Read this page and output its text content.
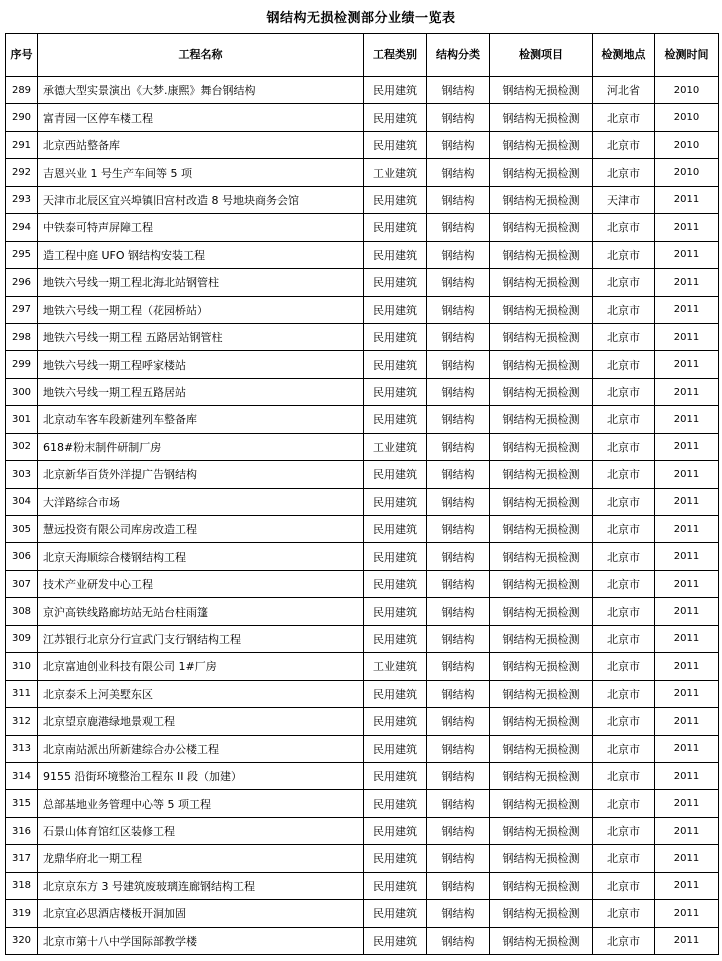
钢结构无损检测部分业绩一览表
序号	工程名称	工程类别	结构分类	检测项目	检测地点	检测时间
289	承德大型实景演出《大梦.康熙》舞台钢结构	民用建筑	钢结构	钢结构无损检测	河北省	2010
290	富青园一区停车楼工程	民用建筑	钢结构	钢结构无损检测	北京市	2010
291	北京西站整备库	民用建筑	钢结构	钢结构无损检测	北京市	2010
292	吉恩兴业 1 号生产车间等 5 项	工业建筑	钢结构	钢结构无损检测	北京市	2010
293	天津市北辰区宜兴埠镇旧宫村改造 8 号地块商务会馆	民用建筑	钢结构	钢结构无损检测	天津市	2011
294	中铁泰可特声屏障工程	民用建筑	钢结构	钢结构无损检测	北京市	2011
295	造工程中庭 UFO 钢结构安装工程	民用建筑	钢结构	钢结构无损检测	北京市	2011
296	地铁六号线一期工程北海北站钢管柱	民用建筑	钢结构	钢结构无损检测	北京市	2011
297	地铁六号线一期工程（花园桥站）	民用建筑	钢结构	钢结构无损检测	北京市	2011
298	地铁六号线一期工程 五路居站钢管柱	民用建筑	钢结构	钢结构无损检测	北京市	2011
299	地铁六号线一期工程呼家楼站	民用建筑	钢结构	钢结构无损检测	北京市	2011
300	地铁六号线一期工程五路居站	民用建筑	钢结构	钢结构无损检测	北京市	2011
301	北京动车客车段新建列车整备库	民用建筑	钢结构	钢结构无损检测	北京市	2011
302	618#粉末制件研制厂房	工业建筑	钢结构	钢结构无损检测	北京市	2011
303	北京新华百货外洋提广告钢结构	民用建筑	钢结构	钢结构无损检测	北京市	2011
304	大洋路综合市场	民用建筑	钢结构	钢结构无损检测	北京市	2011
305	慧远投资有限公司库房改造工程	民用建筑	钢结构	钢结构无损检测	北京市	2011
306	北京天海顺综合楼钢结构工程	民用建筑	钢结构	钢结构无损检测	北京市	2011
307	技术产业研发中心工程	民用建筑	钢结构	钢结构无损检测	北京市	2011
308	京沪高铁线路廊坊站无站台柱雨篷	民用建筑	钢结构	钢结构无损检测	北京市	2011
309	江苏银行北京分行宣武门支行钢结构工程	民用建筑	钢结构	钢结构无损检测	北京市	2011
310	北京富迪创业科技有限公司 1#厂房	工业建筑	钢结构	钢结构无损检测	北京市	2011
311	北京泰禾上河美墅东区	民用建筑	钢结构	钢结构无损检测	北京市	2011
312	北京望京鹿港绿地景观工程	民用建筑	钢结构	钢结构无损检测	北京市	2011
313	北京南站派出所新建综合办公楼工程	民用建筑	钢结构	钢结构无损检测	北京市	2011
314	9155 沿街环境整治工程东 II 段（加建）	民用建筑	钢结构	钢结构无损检测	北京市	2011
315	总部基地业务管理中心等 5 项工程	民用建筑	钢结构	钢结构无损检测	北京市	2011
316	石景山体育馆红区装修工程	民用建筑	钢结构	钢结构无损检测	北京市	2011
317	龙鼎华府北一期工程	民用建筑	钢结构	钢结构无损检测	北京市	2011
318	北京京东方 3 号建筑废玻璃连廊钢结构工程	民用建筑	钢结构	钢结构无损检测	北京市	2011
319	北京宜必思酒店楼板开洞加固	民用建筑	钢结构	钢结构无损检测	北京市	2011
320	北京市第十八中学国际部教学楼	民用建筑	钢结构	钢结构无损检测	北京市	2011
